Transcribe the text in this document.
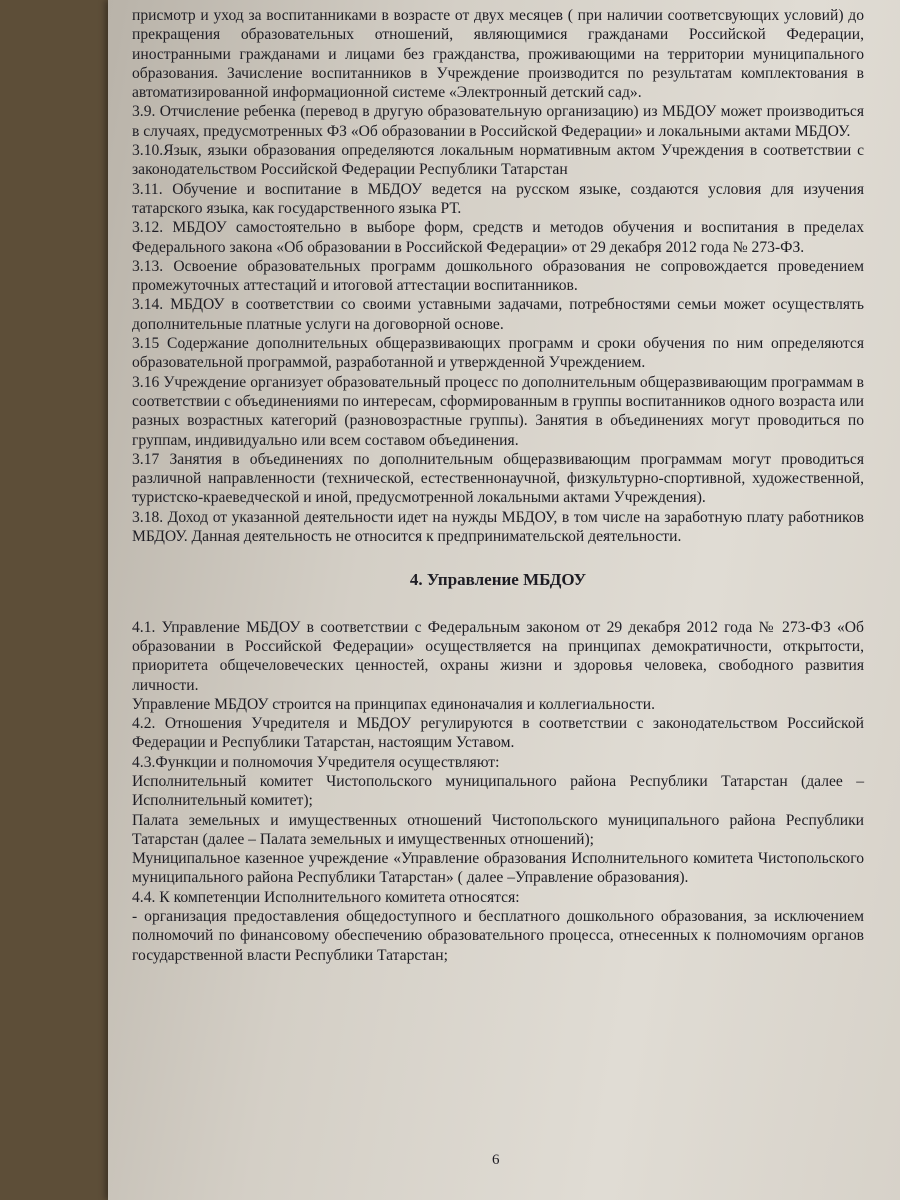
присмотр и уход за воспитанниками в возрасте от двух месяцев ( при наличии соответсвующих условий) до прекращения образовательных отношений, являющимися гражданами Российской Федерации, иностранными гражданами и лицами без гражданства, проживающими на территории муниципального образования. Зачисление воспитанников в Учреждение производится по результатам комплектования в автоматизированной информационной системе «Электронный детский сад».

3.9. Отчисление ребенка (перевод в другую образовательную организацию) из МБДОУ может производиться в случаях, предусмотренных ФЗ «Об образовании в Российской Федерации» и локальными актами МБДОУ.

3.10.Язык, языки образования определяются локальным нормативным актом Учреждения в соответствии с законодательством Российской Федерации Республики Татарстан

3.11. Обучение и воспитание в МБДОУ ведется на русском языке, создаются условия для изучения татарского языка, как государственного языка РТ.

3.12. МБДОУ самостоятельно в выборе форм, средств и методов обучения и воспитания в пределах Федерального закона «Об образовании в Российской Федерации» от 29 декабря 2012 года № 273-ФЗ.

3.13. Освоение образовательных программ дошкольного образования не сопровождается проведением промежуточных аттестаций и итоговой аттестации воспитанников.

3.14. МБДОУ в соответствии со своими уставными задачами, потребностями семьи может осуществлять дополнительные платные услуги на договорной основе.

3.15 Содержание дополнительных общеразвивающих программ и сроки обучения по ним определяются образовательной программой, разработанной и утвержденной Учреждением.

3.16 Учреждение организует образовательный процесс по дополнительным общеразвивающим программам в соответствии с объединениями по интересам, сформированным в группы воспитанников одного возраста или разных возрастных категорий (разновозрастные группы). Занятия в объединениях могут проводиться по группам, индивидуально или всем составом объединения.

3.17 Занятия в объединениях по дополнительным общеразвивающим программам могут проводиться различной направленности (технической, естественнонаучной, физкультурно-спортивной, художественной, туристско-краеведческой и иной, предусмотренной локальными актами Учреждения).

3.18. Доход от указанной деятельности идет на нужды МБДОУ, в том числе на заработную плату работников МБДОУ. Данная деятельность не относится к предпринимательской деятельности.

4. Управление МБДОУ

4.1. Управление МБДОУ в соответствии с Федеральным законом от 29 декабря 2012 года № 273-ФЗ «Об образовании в Российской Федерации» осуществляется на принципах демократичности, открытости, приоритета общечеловеческих ценностей, охраны жизни и здоровья человека, свободного развития личности.

Управление МБДОУ строится на принципах единоначалия и коллегиальности.

4.2. Отношения Учредителя и МБДОУ регулируются в соответствии с законодательством Российской Федерации и Республики Татарстан, настоящим Уставом.

4.3.Функции и полномочия Учредителя осуществляют:

Исполнительный комитет Чистопольского муниципального района Республики Татарстан (далее – Исполнительный комитет);

Палата земельных и имущественных отношений Чистопольского муниципального района Республики Татарстан (далее – Палата земельных и имущественных отношений);

Муниципальное казенное учреждение «Управление образования Исполнительного комитета Чистопольского муниципального района Республики Татарстан» ( далее –Управление образования).

4.4. К компетенции Исполнительного комитета относятся:

- организация предоставления общедоступного и бесплатного дошкольного образования, за исключением полномочий по финансовому обеспечению образовательного процесса, отнесенных к полномочиям органов государственной власти Республики Татарстан;

6
